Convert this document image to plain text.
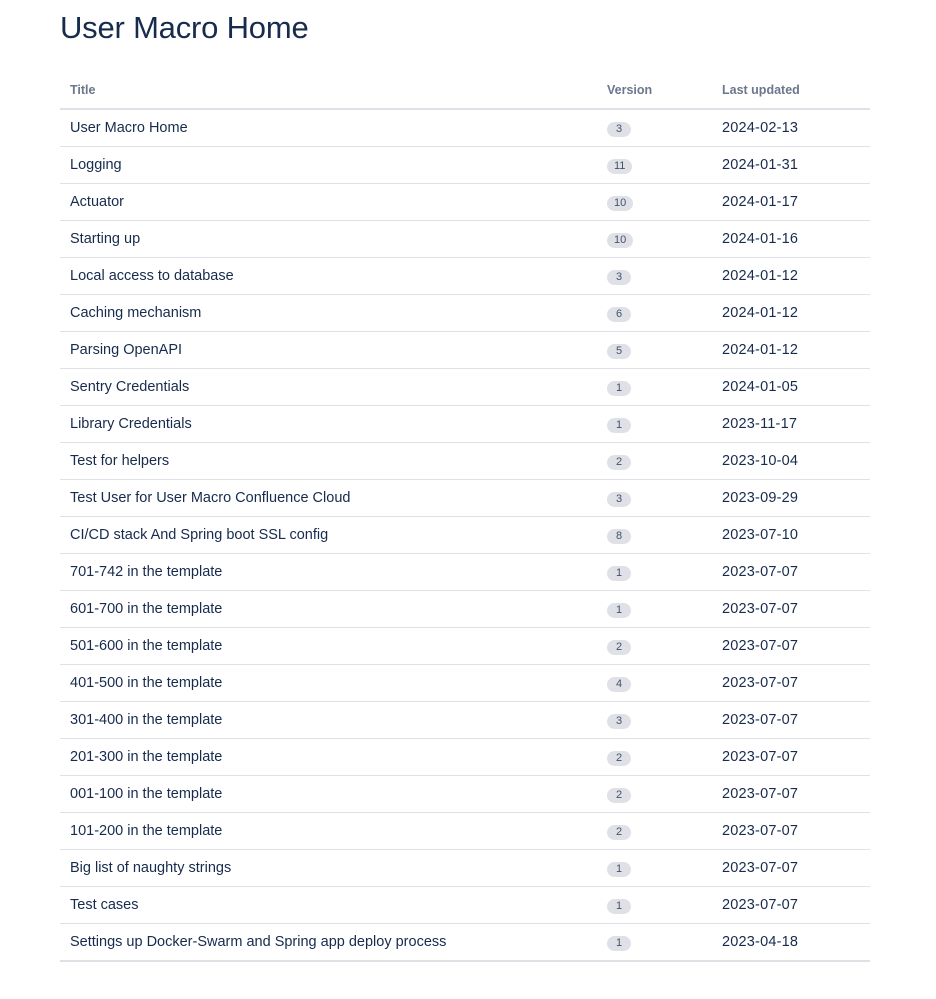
User Macro Home
Title	Version	Last updated
User Macro Home	3	2024-02-13
Logging	11	2024-01-31
Actuator	10	2024-01-17
Starting up	10	2024-01-16
Local access to database	3	2024-01-12
Caching mechanism	6	2024-01-12
Parsing OpenAPI	5	2024-01-12
Sentry Credentials	1	2024-01-05
Library Credentials	1	2023-11-17
Test for helpers	2	2023-10-04
Test User for User Macro Confluence Cloud	3	2023-09-29
CI/CD stack And Spring boot SSL config	8	2023-07-10
701-742 in the template	1	2023-07-07
601-700 in the template	1	2023-07-07
501-600 in the template	2	2023-07-07
401-500 in the template	4	2023-07-07
301-400 in the template	3	2023-07-07
201-300 in the template	2	2023-07-07
001-100 in the template	2	2023-07-07
101-200 in the template	2	2023-07-07
Big list of naughty strings	1	2023-07-07
Test cases	1	2023-07-07
Settings up Docker-Swarm and Spring app deploy process	1	2023-04-18
